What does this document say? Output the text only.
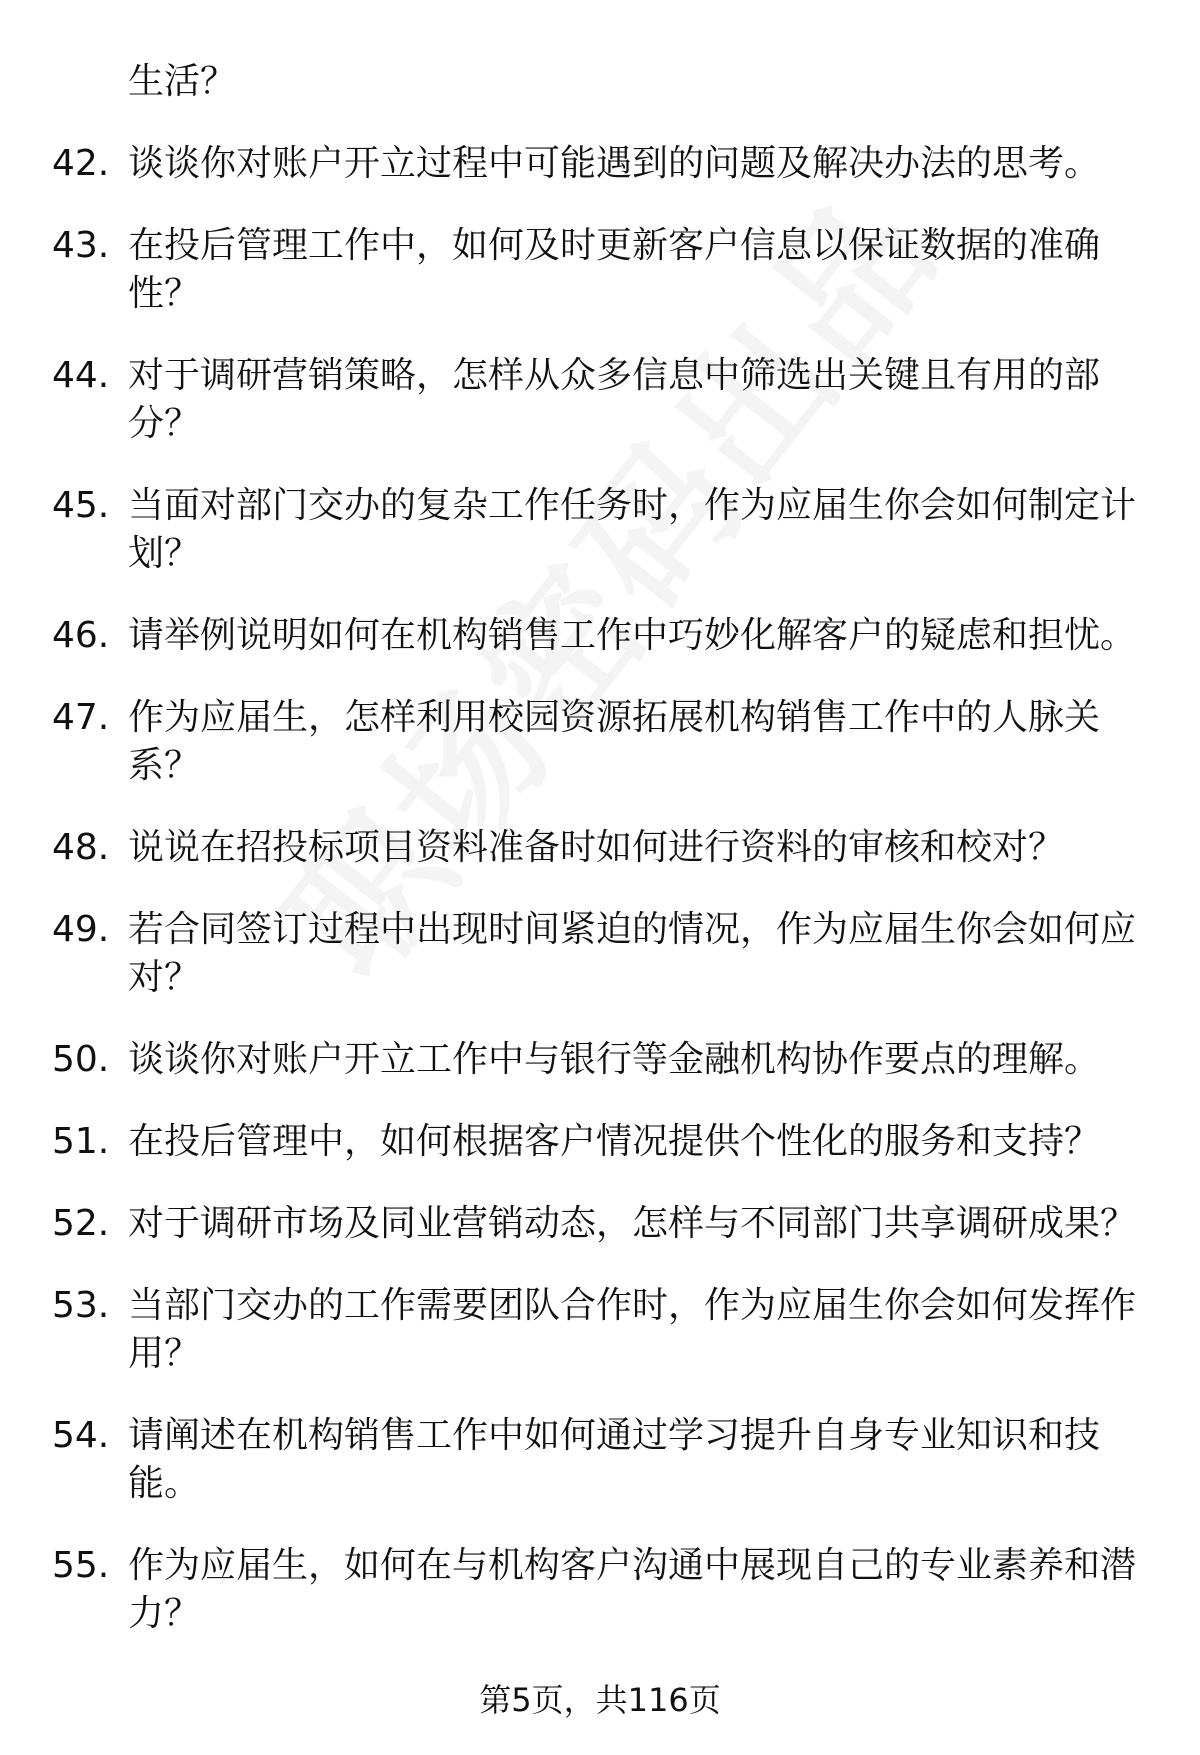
生活？
42. 谈谈你对账户开立过程中可能遇到的问题及解决办法的思考。
43. 在投后管理工作中，如何及时更新客户信息以保证数据的准确性？
44. 对于调研营销策略，怎样从众多信息中筛选出关键且有用的部分？
45. 当面对部门交办的复杂工作任务时，作为应届生你会如何制定计划？
46. 请举例说明如何在机构销售工作中巧妙化解客户的疑虑和担忧。
47. 作为应届生，怎样利用校园资源拓展机构销售工作中的人脉关系？
48. 说说在招投标项目资料准备时如何进行资料的审核和校对？
49. 若合同签订过程中出现时间紧迫的情况，作为应届生你会如何应对？
50. 谈谈你对账户开立工作中与银行等金融机构协作要点的理解。
51. 在投后管理中，如何根据客户情况提供个性化的服务和支持？
52. 对于调研市场及同业营销动态，怎样与不同部门共享调研成果？
53. 当部门交办的工作需要团队合作时，作为应届生你会如何发挥作用？
54. 请阐述在机构销售工作中如何通过学习提升自身专业知识和技能。
55. 作为应届生，如何在与机构客户沟通中展现自己的专业素养和潜力？
第5页，共116页
